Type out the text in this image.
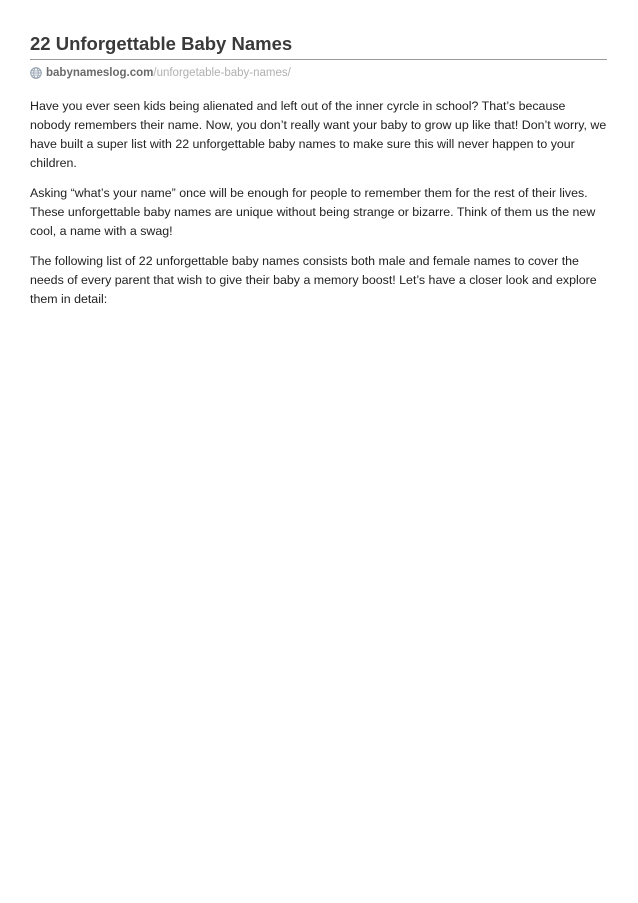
22 Unforgettable Baby Names
babynameslog.com /unforgetable-baby-names/

Have you ever seen kids being alienated and left out of the inner cyrcle in school? That’s because nobody remembers their name. Now, you don’t really want your baby to grow up like that! Don’t worry, we have built a super list with 22 unforgettable baby names to make sure this will never happen to your children.

Asking “what’s your name” once will be enough for people to remember them for the rest of their lives. These unforgettable baby names are unique without being strange or bizarre. Think of them us the new cool, a name with a swag!

The following list of 22 unforgettable baby names consists both male and female names to cover the needs of every parent that wish to give their baby a memory boost! Let’s have a closer look and explore them in detail:
